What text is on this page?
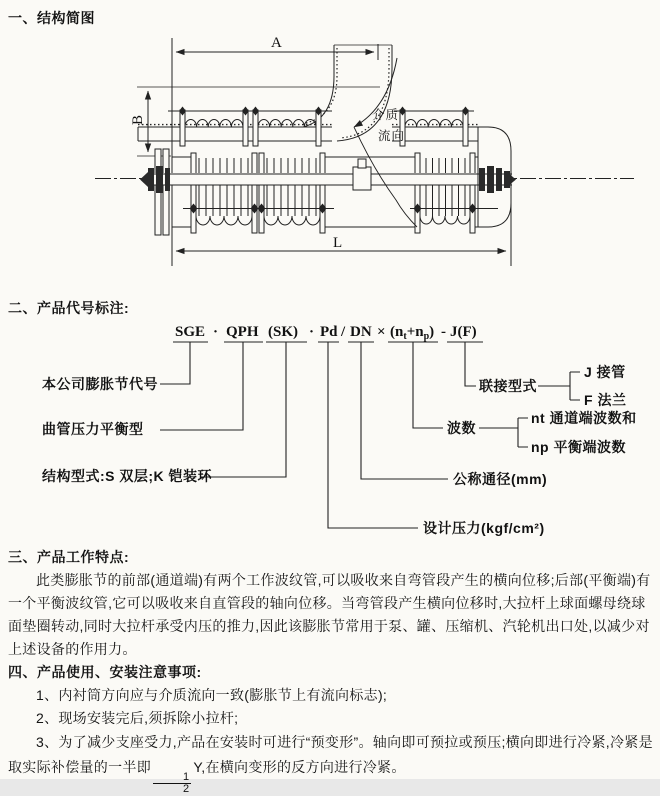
一、结构简图
A
B
L
介质
流向
二、产品代号标注:
SGE · QPH (SK) · Pd / DN × $(n_t+n_p) - J(F)$
本公司膨胀节代号
曲管压力平衡型
结构型式:S 双层;K 铠装环
联接型式
J 接管
F 法兰
波数
nt 通道端波数和
np 平衡端波数
公称通径(mm)
设计压力(kgf/cm²)
三、产品工作特点:

此类膨胀节的前部(通道端)有两个工作波纹管,可以吸收来自弯管段产生的横向位移;后部(平衡端)有一个平衡波纹管,它可以吸收来自直管段的轴向位移。当弯管段产生横向位移时,大拉杆上球面螺母绕球面垫圈转动,同时大拉杆承受内压的推力,因此该膨胀节常用于泵、罐、压缩机、汽轮机出口处,以减少对上述设备的作用力。

四、产品使用、安装注意事项:

1、内衬筒方向应与介质流向一致(膨胀节上有流向标志);

2、现场安装完后,须拆除小拉杆;

3、为了减少支座受力,产品在安装时可进行“预变形”。轴向即可预拉或预压;横向即进行冷紧,冷紧是取实际补偿量的一半即
$\frac{1}{2}$
Y,在横向变形的反方向进行冷紧。
